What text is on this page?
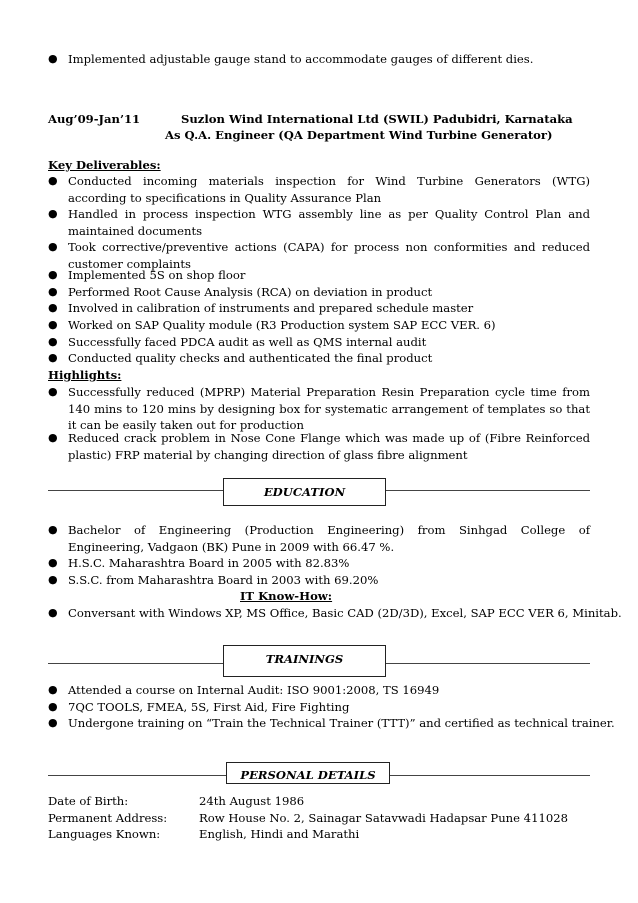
● Implemented adjustable gauge stand to accommodate gauges of different dies.
Aug’09-Jan’11	Suzlon Wind International Ltd (SWIL) Padubidri, Karnataka
As Q.A. Engineer (QA Department Wind Turbine Generator)
Key Deliverables:
● Conducted incoming materials inspection for Wind Turbine Generators (WTG) according to specifications in Quality Assurance Plan
● Handled in process inspection WTG assembly line as per Quality Control Plan and maintained documents
● Took corrective/preventive actions (CAPA) for process non conformities and reduced customer complaints
● Implemented 5S on shop floor
● Performed Root Cause Analysis (RCA) on deviation in product
● Involved in calibration of instruments and prepared schedule master
● Worked on SAP Quality module (R3 Production system SAP ECC VER. 6)
● Successfully faced PDCA audit as well as QMS internal audit
● Conducted quality checks and authenticated the final product
Highlights:
● Successfully reduced (MPRP) Material Preparation Resin Preparation cycle time from 140 mins to 120 mins by designing box for systematic arrangement of templates so that it can be easily taken out for production
● Reduced crack problem in Nose Cone Flange which was made up of (Fibre Reinforced plastic) FRP material by changing direction of glass fibre alignment
EDUCATION
● Bachelor of Engineering (Production Engineering) from Sinhgad College of Engineering, Vadgaon (BK) Pune in 2009 with 66.47 %.
● H.S.C. Maharashtra Board in 2005 with 82.83%
● S.S.C. from Maharashtra Board in 2003 with 69.20%
IT Know-How:
● Conversant with Windows XP, MS Office, Basic CAD (2D/3D), Excel, SAP ECC VER 6, Minitab.
TRAININGS
● Attended a course on Internal Audit: ISO 9001:2008, TS 16949
● 7QC TOOLS, FMEA, 5S, First Aid, Fire Fighting
● Undergone training on “Train the Technical Trainer (TTT)” and certified as technical trainer.
PERSONAL DETAILS
Date of Birth:	24th August 1986
Permanent Address:	Row House No. 2, Sainagar Satavwadi Hadapsar Pune 411028
Languages Known:	English, Hindi and Marathi
